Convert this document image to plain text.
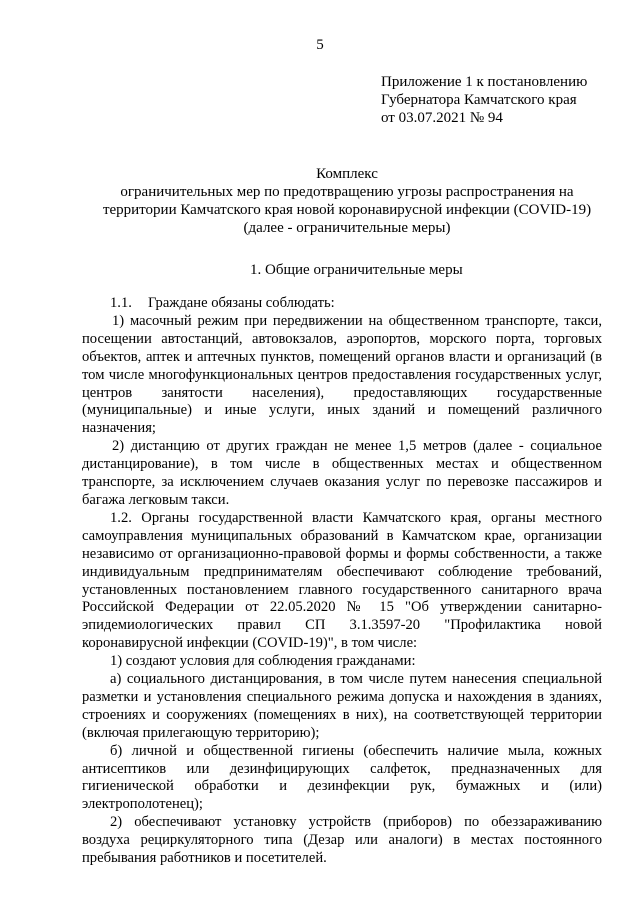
5
Приложение 1 к постановлению
Губернатора Камчатского края
от 03.07.2021 № 94
Комплекс
ограничительных мер по предотвращению угрозы распространения на
территории Камчатского края новой коронавирусной инфекции (COVID-19)
(далее - ограничительные меры)
1. Общие ограничительные меры

1.1. Граждане обязаны соблюдать:

1) масочный режим при передвижении на общественном транспорте, такси, посещении автостанций, автовокзалов, аэропортов, морского порта, торговых объектов, аптек и аптечных пунктов, помещений органов власти и организаций (в том числе многофункциональных центров предоставления государственных услуг, центров занятости населения), предоставляющих государственные (муниципальные) и иные услуги, иных зданий и помещений различного назначения;

2) дистанцию от других граждан не менее 1,5 метров (далее - социальное дистанцирование), в том числе в общественных местах и общественном транспорте, за исключением случаев оказания услуг по перевозке пассажиров и багажа легковым такси.

1.2. Органы государственной власти Камчатского края, органы местного самоуправления муниципальных образований в Камчатском крае, организации независимо от организационно-правовой формы и формы собственности, а также индивидуальным предпринимателям обеспечивают соблюдение требований, установленных постановлением главного государственного санитарного врача Российской Федерации от 22.05.2020 № 15 "Об утверждении санитарно-эпидемиологических правил СП 3.1.3597-20 "Профилактика новой коронавирусной инфекции (COVID-19)", в том числе:

1) создают условия для соблюдения гражданами:

а) социального дистанцирования, в том числе путем нанесения специальной разметки и установления специального режима допуска и нахождения в зданиях, строениях и сооружениях (помещениях в них), на соответствующей территории (включая прилегающую территорию);

б) личной и общественной гигиены (обеспечить наличие мыла, кожных антисептиков или дезинфицирующих салфеток, предназначенных для гигиенической обработки и дезинфекции рук, бумажных и (или) электрополотенец);

2) обеспечивают установку устройств (приборов) по обеззараживанию воздуха рециркуляторного типа (Дезар или аналоги) в местах постоянного пребывания работников и посетителей.
